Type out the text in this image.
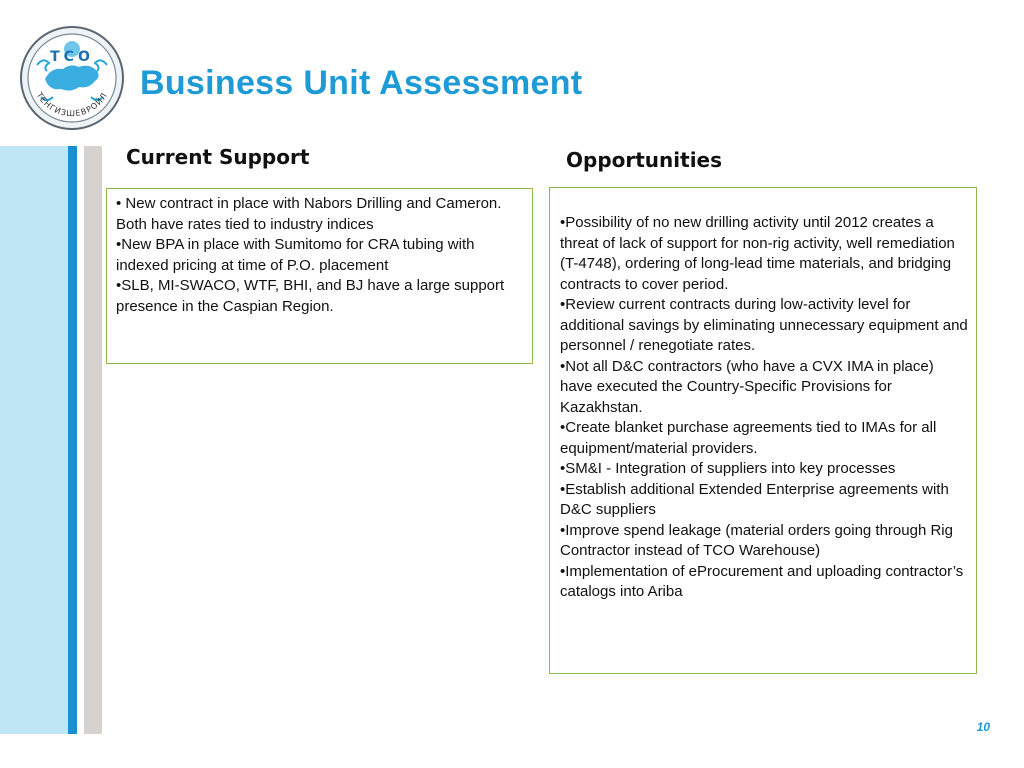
TCO
ТЕНГИЗШЕВРОЙЛ Business Unit Assessment
Current Support	Opportunities
• New contract in place with Nabors Drilling and Cameron. Both have rates tied to industry indices
•New BPA in place with Sumitomo for CRA tubing with indexed pricing at time of P.O. placement
•SLB, MI-SWACO, WTF, BHI, and BJ have a large support presence in the Caspian Region.
•Possibility of no new drilling activity until 2012 creates a threat of lack of support for non-rig activity, well remediation (T-4748), ordering of long-lead time materials, and bridging contracts to cover period.
•Review current contracts during low-activity level for additional savings by eliminating unnecessary equipment and personnel / renegotiate rates.
•Not all D&C contractors (who have a CVX IMA in place) have executed the Country-Specific Provisions for Kazakhstan.
•Create blanket purchase agreements tied to IMAs for all equipment/material providers.
•SM&I - Integration of suppliers into key processes
•Establish additional Extended Enterprise agreements with D&C suppliers
•Improve spend leakage (material orders going through Rig Contractor instead of TCO Warehouse)
•Implementation of eProcurement and uploading contractor’s catalogs into Ariba
10
